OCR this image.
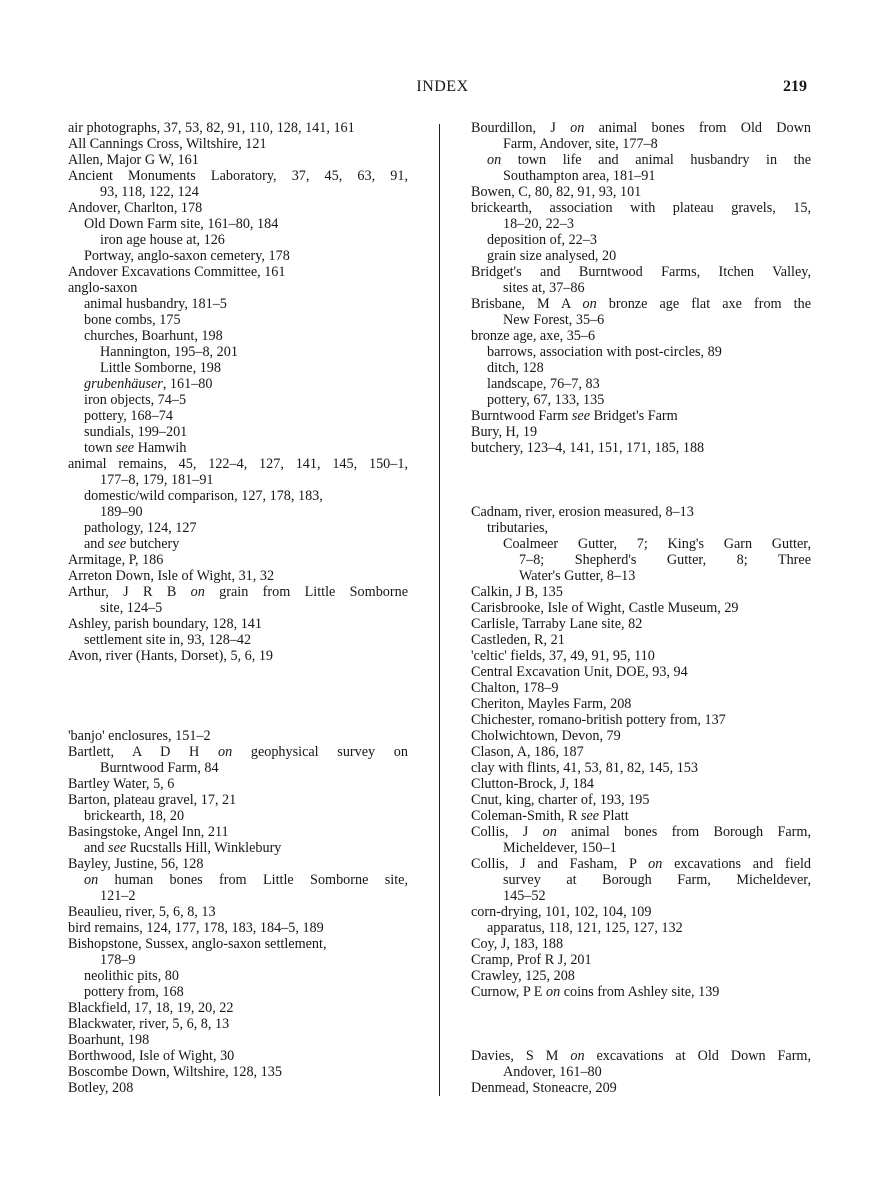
INDEX	219
air photographs, 37, 53, 82, 91, 110, 128, 141, 161
All Cannings Cross, Wiltshire, 121
Allen, Major G W, 161
Ancient Monuments Laboratory, 37, 45, 63, 91,
93, 118, 122, 124
Andover, Charlton, 178
Old Down Farm site, 161–80, 184
iron age house at, 126
Portway, anglo-saxon cemetery, 178
Andover Excavations Committee, 161
anglo-saxon
animal husbandry, 181–5
bone combs, 175
churches, Boarhunt, 198
Hannington, 195–8, 201
Little Somborne, 198
grubenhäuser, 161–80
iron objects, 74–5
pottery, 168–74
sundials, 199–201
town see Hamwih
animal remains, 45, 122–4, 127, 141, 145, 150–1,
177–8, 179, 181–91
domestic/wild comparison, 127, 178, 183,
189–90
pathology, 124, 127
and see butchery
Armitage, P, 186
Arreton Down, Isle of Wight, 31, 32
Arthur, J R B on grain from Little Somborne
site, 124–5
Ashley, parish boundary, 128, 141
settlement site in, 93, 128–42
Avon, river (Hants, Dorset), 5, 6, 19
'banjo' enclosures, 151–2
Bartlett, A D H on geophysical survey on
Burntwood Farm, 84
Bartley Water, 5, 6
Barton, plateau gravel, 17, 21
brickearth, 18, 20
Basingstoke, Angel Inn, 211
and see Rucstalls Hill, Winklebury
Bayley, Justine, 56, 128
on human bones from Little Somborne site,
121–2
Beaulieu, river, 5, 6, 8, 13
bird remains, 124, 177, 178, 183, 184–5, 189
Bishopstone, Sussex, anglo-saxon settlement,
178–9
neolithic pits, 80
pottery from, 168
Blackfield, 17, 18, 19, 20, 22
Blackwater, river, 5, 6, 8, 13
Boarhunt, 198
Borthwood, Isle of Wight, 30
Boscombe Down, Wiltshire, 128, 135
Botley, 208
Bourdillon, J on animal bones from Old Down
Farm, Andover, site, 177–8
on town life and animal husbandry in the
Southampton area, 181–91
Bowen, C, 80, 82, 91, 93, 101
brickearth, association with plateau gravels, 15,
18–20, 22–3
deposition of, 22–3
grain size analysed, 20
Bridget's and Burntwood Farms, Itchen Valley,
sites at, 37–86
Brisbane, M A on bronze age flat axe from the
New Forest, 35–6
bronze age, axe, 35–6
barrows, association with post-circles, 89
ditch, 128
landscape, 76–7, 83
pottery, 67, 133, 135
Burntwood Farm see Bridget's Farm
Bury, H, 19
butchery, 123–4, 141, 151, 171, 185, 188
Cadnam, river, erosion measured, 8–13
tributaries,
Coalmeer Gutter, 7; King's Garn Gutter,
7–8; Shepherd's Gutter, 8; Three
Water's Gutter, 8–13
Calkin, J B, 135
Carisbrooke, Isle of Wight, Castle Museum, 29
Carlisle, Tarraby Lane site, 82
Castleden, R, 21
'celtic' fields, 37, 49, 91, 95, 110
Central Excavation Unit, DOE, 93, 94
Chalton, 178–9
Cheriton, Mayles Farm, 208
Chichester, romano-british pottery from, 137
Cholwichtown, Devon, 79
Clason, A, 186, 187
clay with flints, 41, 53, 81, 82, 145, 153
Clutton-Brock, J, 184
Cnut, king, charter of, 193, 195
Coleman-Smith, R see Platt
Collis, J on animal bones from Borough Farm,
Micheldever, 150–1
Collis, J and Fasham, P on excavations and field
survey at Borough Farm, Micheldever,
145–52
corn-drying, 101, 102, 104, 109
apparatus, 118, 121, 125, 127, 132
Coy, J, 183, 188
Cramp, Prof R J, 201
Crawley, 125, 208
Curnow, P E on coins from Ashley site, 139
Davies, S M on excavations at Old Down Farm,
Andover, 161–80
Denmead, Stoneacre, 209
